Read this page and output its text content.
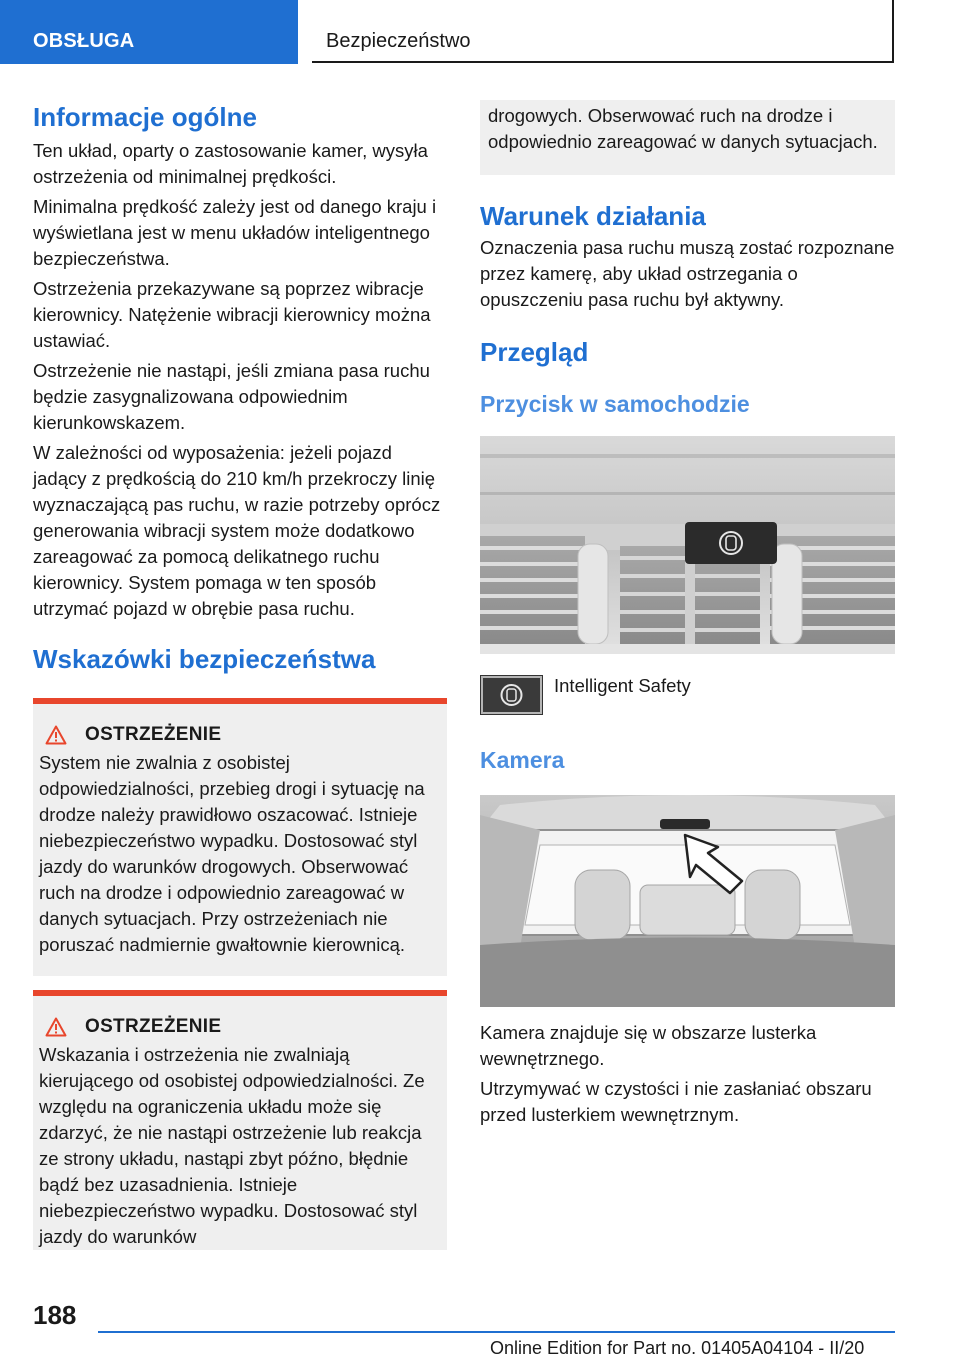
OBSŁUGA	Bezpieczeństwo
Informacje ogólne

Ten układ, oparty o zastosowanie kamer, wysyła ostrzeżenia od minimalnej prędkości.

Minimalna prędkość zależy jest od danego kraju i wyświetlana jest w menu układów inteligentnego bezpieczeństwa.

Ostrzeżenia przekazywane są poprzez wibracje kierownicy. Natężenie wibracji kierownicy można ustawiać.

Ostrzeżenie nie nastąpi, jeśli zmiana pasa ruchu będzie zasygnalizowana odpowiednim kierunkowskazem.

W zależności od wyposażenia: jeżeli pojazd jadący z prędkością do 210 km/h przekroczy linię wyznaczającą pas ruchu, w razie potrzeby oprócz generowania wibracji system może dodatkowo zareagować za pomocą delikatnego ruchu kierownicy. System pomaga w ten sposób utrzymać pojazd w obrębie pasa ruchu.

Wskazówki bezpieczeństwa
OSTRZEŻENIE

System nie zwalnia z osobistej odpowiedzialności, przebieg drogi i sytuację na drodze należy prawidłowo oszacować. Istnieje niebezpieczeństwo wypadku. Dostosować styl jazdy do warunków drogowych. Obserwować ruch na drodze i odpowiednio zareagować w danych sytuacjach. Przy ostrzeżeniach nie poruszać nadmiernie gwałtownie kierownicą.

OSTRZEŻENIE

Wskazania i ostrzeżenia nie zwalniają kierującego od osobistej odpowiedzialności. Ze względu na ograniczenia układu może się zdarzyć, że nie nastąpi ostrzeżenie lub reakcja ze strony układu, nastąpi zbyt późno, błędnie bądź bez uzasadnienia. Istnieje niebezpieczeństwo wypadku. Dostosować styl jazdy do warunków

drogowych. Obserwować ruch na drodze i odpowiednio zareagować w danych sytuacjach.

Warunek działania

Oznaczenia pasa ruchu muszą zostać rozpoznane przez kamerę, aby układ ostrzegania o opuszczeniu pasa ruchu był aktywny.

Przegląd
Przycisk w samochodzie

Intelligent Safety

Kamera

Kamera znajduje się w obszarze lusterka wewnętrznego.

Utrzymywać w czystości i nie zasłaniać obszaru przed lusterkiem wewnętrznym.

188
Online Edition for Part no. 01405A04104 - II/20
